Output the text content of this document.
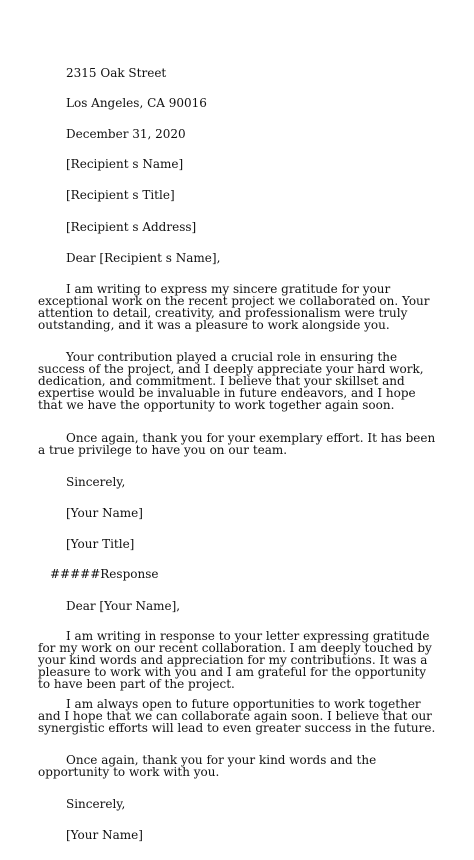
2315 Oak Street
Los Angeles, CA 90016
December 31, 2020
[Recipient s Name]
[Recipient s Title]
[Recipient s Address]
Dear [Recipient s Name],
I am writing to express my sincere gratitude for your exceptional work on the recent project we collaborated on. Your attention to detail, creativity, and professionalism were truly outstanding, and it was a pleasure to work alongside you.
Your contribution played a crucial role in ensuring the success of the project, and I deeply appreciate your hard work, dedication, and commitment. I believe that your skillset and expertise would be invaluable in future endeavors, and I hope that we have the opportunity to work together again soon.
Once again, thank you for your exemplary effort. It has been a true privilege to have you on our team.
Sincerely,
[Your Name]
[Your Title]
#####Response
Dear [Your Name],
I am writing in response to your letter expressing gratitude for my work on our recent collaboration. I am deeply touched by your kind words and appreciation for my contributions. It was a pleasure to work with you and I am grateful for the opportunity to have been part of the project.
I am always open to future opportunities to work together and I hope that we can collaborate again soon. I believe that our synergistic efforts will lead to even greater success in the future.
Once again, thank you for your kind words and the opportunity to work with you.
Sincerely,
[Your Name]
